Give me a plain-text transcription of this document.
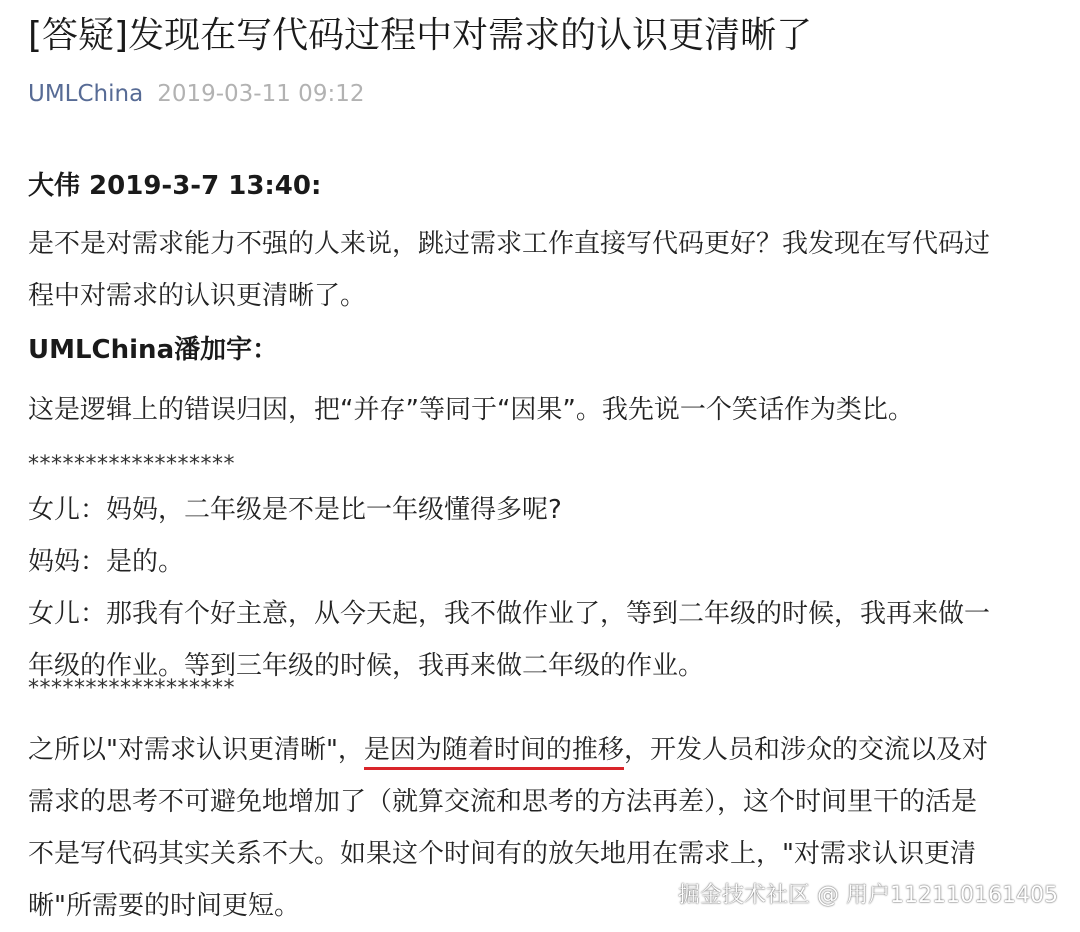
[答疑]发现在写代码过程中对需求的认识更清晰了
UMLChina 2019-03-11 09:12
大伟 2019-3-7 13:40:
是不是对需求能力不强的人来说，跳过需求工作直接写代码更好？我发现在写代码过
程中对需求的认识更清晰了。
UMLChina潘加宇：
这是逻辑上的错误归因，把“并存”等同于“因果”。我先说一个笑话作为类比。
******************
女儿：妈妈，二年级是不是比一年级懂得多呢?
妈妈：是的。
女儿：那我有个好主意，从今天起，我不做作业了，等到二年级的时候，我再来做一
年级的作业。等到三年级的时候，我再来做二年级的作业。
******************
之所以"对需求认识更清晰"，是因为随着时间的推移，开发人员和涉众的交流以及对
需求的思考不可避免地增加了（就算交流和思考的方法再差），这个时间里干的活是
不是写代码其实关系不大。如果这个时间有的放矢地用在需求上，"对需求认识更清
晰"所需要的时间更短。	掘金技术社区 @ 用户112110161405
